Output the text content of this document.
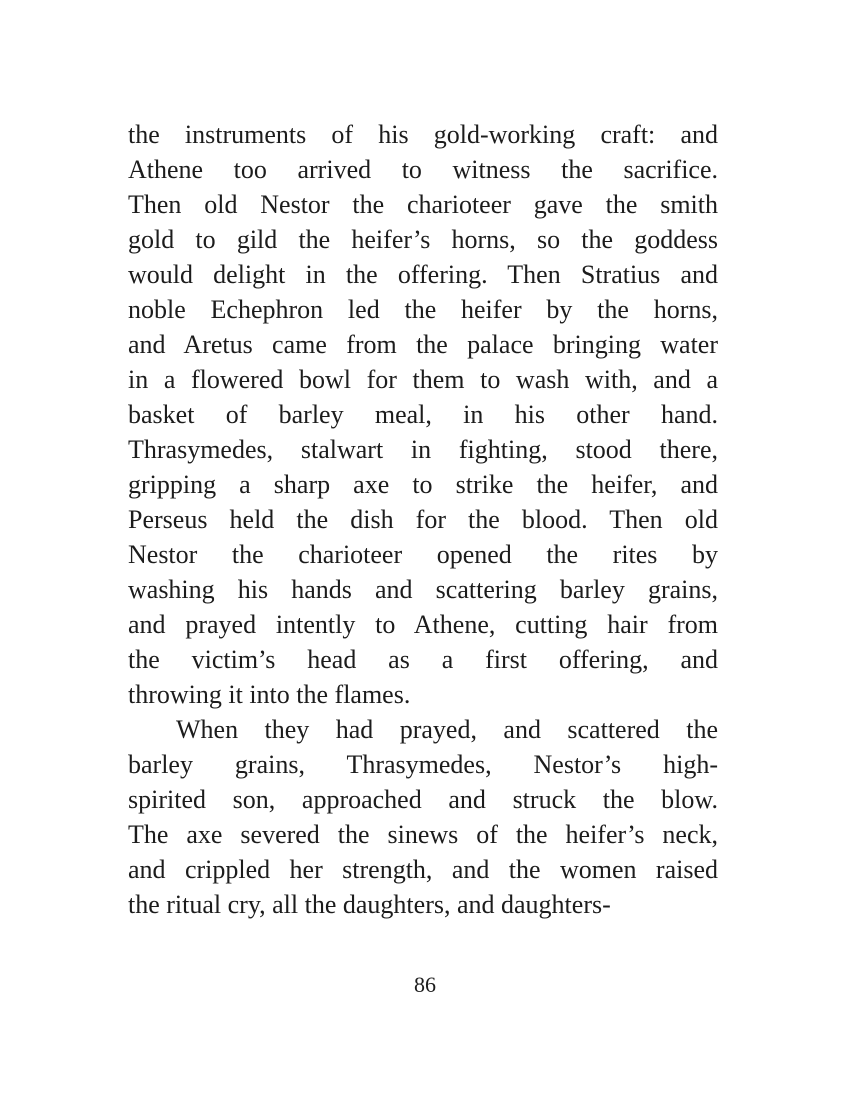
the instruments of his gold-working craft: and
Athene too arrived to witness the sacrifice.
Then old Nestor the charioteer gave the smith
gold to gild the heifer’s horns, so the goddess
would delight in the offering. Then Stratius and
noble Echephron led the heifer by the horns,
and Aretus came from the palace bringing water
in a flowered bowl for them to wash with, and a
basket of barley meal, in his other hand.
Thrasymedes, stalwart in fighting, stood there,
gripping a sharp axe to strike the heifer, and
Perseus held the dish for the blood. Then old
Nestor the charioteer opened the rites by
washing his hands and scattering barley grains,
and prayed intently to Athene, cutting hair from
the victim’s head as a first offering, and
throwing it into the flames.
When they had prayed, and scattered the
barley grains, Thrasymedes, Nestor’s high-
spirited son, approached and struck the blow.
The axe severed the sinews of the heifer’s neck,
and crippled her strength, and the women raised
the ritual cry, all the daughters, and daughters-
86
